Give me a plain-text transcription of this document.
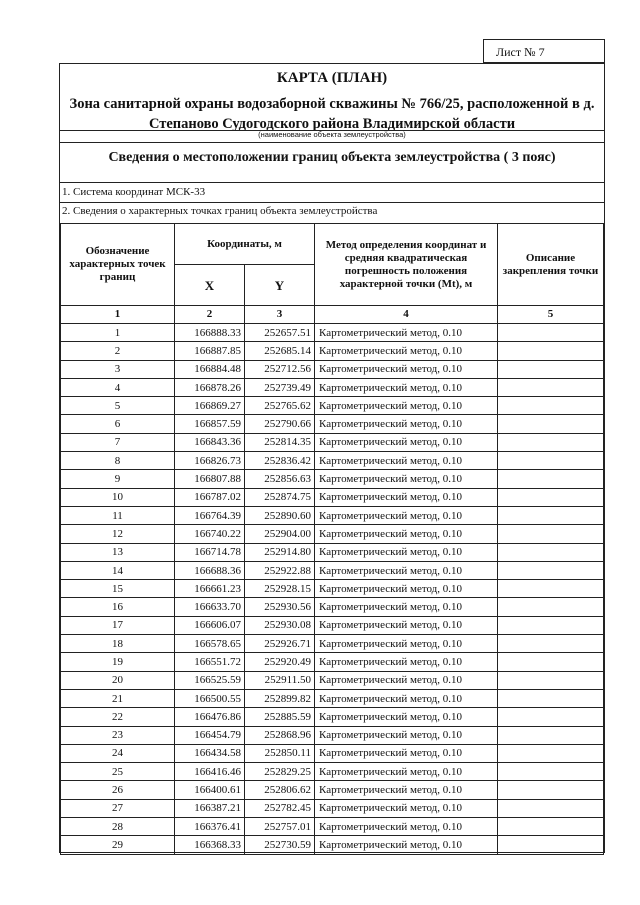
Лист № 7
КАРТА (ПЛАН)
Зона санитарной охраны водозаборной скважины № 766/25, расположенной в д. Степаново Судогодского района Владимирской области
(наименование объекта землеустройства)
Сведения о местоположении границ объекта землеустройства ( 3 пояс)
1. Система координат МСК-33
2. Сведения о характерных точках границ объекта землеустройства
Обозначение характерных точек границ	Координаты, м		Метод определения координат и средняя квадратическая погрешность положения характерной точки (Mt), м	Описание закрепления точки
	X	Y		
1	2	3	4	5
1	166888.33	252657.51	Картометрический метод, 0.10	
2	166887.85	252685.14	Картометрический метод, 0.10	
3	166884.48	252712.56	Картометрический метод, 0.10	
4	166878.26	252739.49	Картометрический метод, 0.10	
5	166869.27	252765.62	Картометрический метод, 0.10	
6	166857.59	252790.66	Картометрический метод, 0.10	
7	166843.36	252814.35	Картометрический метод, 0.10	
8	166826.73	252836.42	Картометрический метод, 0.10	
9	166807.88	252856.63	Картометрический метод, 0.10	
10	166787.02	252874.75	Картометрический метод, 0.10	
11	166764.39	252890.60	Картометрический метод, 0.10	
12	166740.22	252904.00	Картометрический метод, 0.10	
13	166714.78	252914.80	Картометрический метод, 0.10	
14	166688.36	252922.88	Картометрический метод, 0.10	
15	166661.23	252928.15	Картометрический метод, 0.10	
16	166633.70	252930.56	Картометрический метод, 0.10	
17	166606.07	252930.08	Картометрический метод, 0.10	
18	166578.65	252926.71	Картометрический метод, 0.10	
19	166551.72	252920.49	Картометрический метод, 0.10	
20	166525.59	252911.50	Картометрический метод, 0.10	
21	166500.55	252899.82	Картометрический метод, 0.10	
22	166476.86	252885.59	Картометрический метод, 0.10	
23	166454.79	252868.96	Картометрический метод, 0.10	
24	166434.58	252850.11	Картометрический метод, 0.10	
25	166416.46	252829.25	Картометрический метод, 0.10	
26	166400.61	252806.62	Картометрический метод, 0.10	
27	166387.21	252782.45	Картометрический метод, 0.10	
28	166376.41	252757.01	Картометрический метод, 0.10	
29	166368.33	252730.59	Картометрический метод, 0.10	
